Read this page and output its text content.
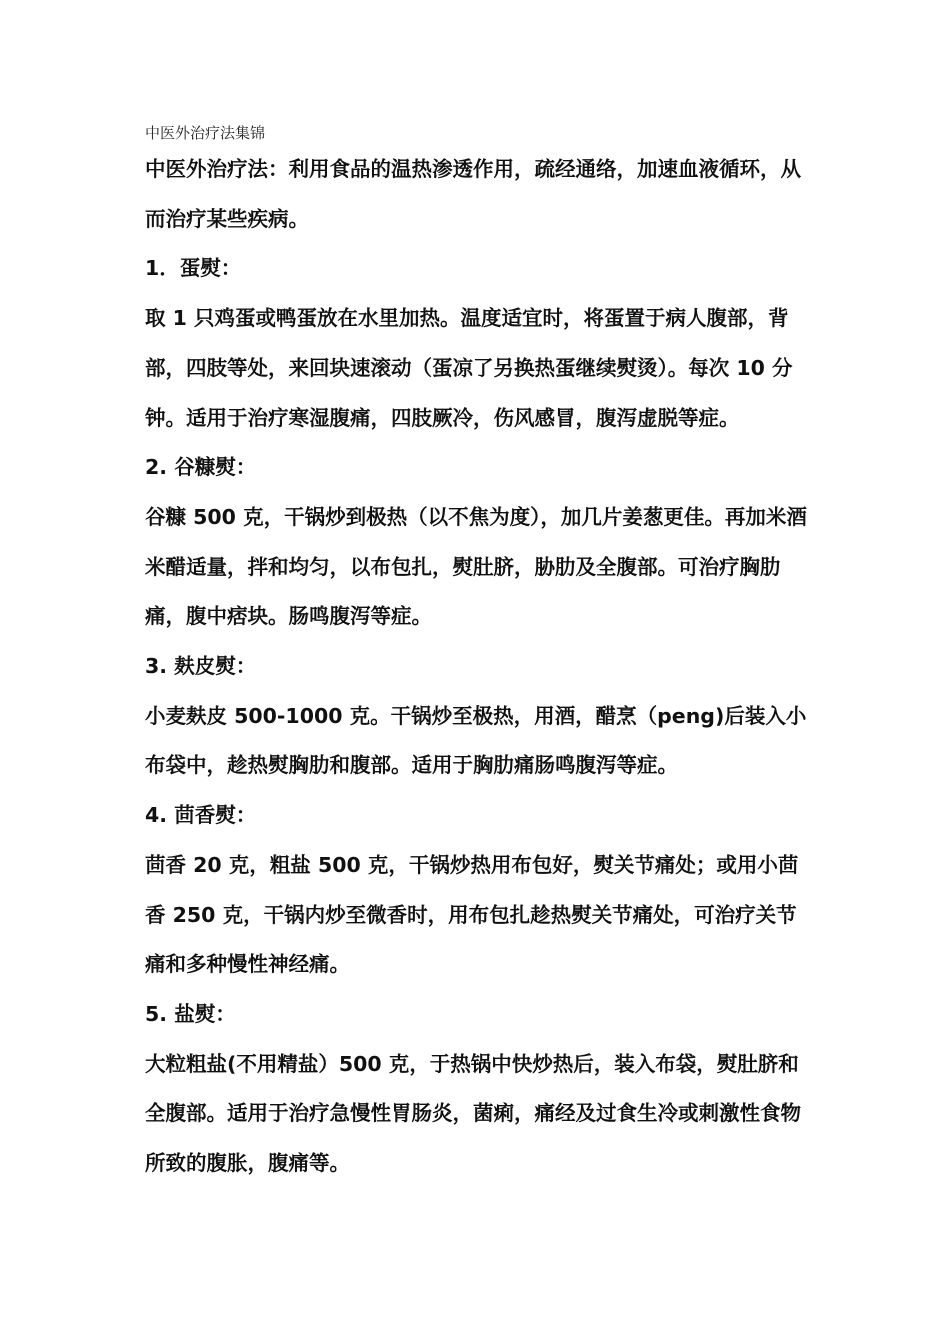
中医外治疗法集锦

中医外治疗法：利用食品的温热渗透作用，疏经通络，加速血液循环，从而治疗某些疾病。

1．蛋熨：

取 1 只鸡蛋或鸭蛋放在水里加热。温度适宜时，将蛋置于病人腹部，背部，四肢等处，来回块速滚动（蛋凉了另换热蛋继续熨烫）。每次 10 分钟。适用于治疗寒湿腹痛，四肢厥冷，伤风感冒，腹泻虚脱等症。

2. 谷糠熨：

谷糠 500 克，干锅炒到极热（以不焦为度），加几片姜葱更佳。再加米酒米醋适量，拌和均匀，以布包扎，熨肚脐，胁肋及全腹部。可治疗胸肋痛，腹中痞块。肠鸣腹泻等症。

3. 麸皮熨：

小麦麸皮 500-1000 克。干锅炒至极热，用酒，醋烹（peng)后装入小布袋中，趁热熨胸肋和腹部。适用于胸肋痛肠鸣腹泻等症。

4. 茴香熨：

茴香 20 克，粗盐 500 克，干锅炒热用布包好，熨关节痛处；或用小茴香 250 克，干锅内炒至微香时，用布包扎趁热熨关节痛处，可治疗关节痛和多种慢性神经痛。

5. 盐熨：

大粒粗盐(不用精盐）500 克，于热锅中快炒热后，装入布袋，熨肚脐和全腹部。适用于治疗急慢性胃肠炎，菌痢，痛经及过食生冷或刺激性食物所致的腹胀，腹痛等。
